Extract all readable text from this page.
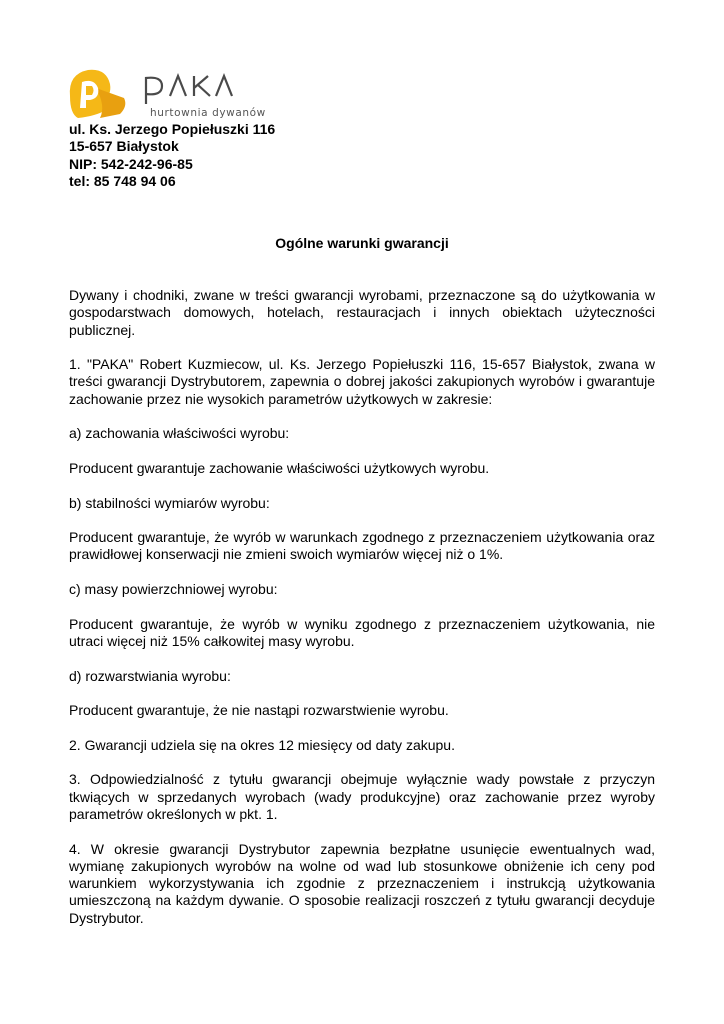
hurtownia dywanów
ul. Ks. Jerzego Popiełuszki 116
15-657 Białystok
NIP: 542-242-96-85
tel: 85 748 94 06
Ogólne warunki gwarancji

Dywany i chodniki, zwane w treści gwarancji wyrobami, przeznaczone są do użytkowania w gospodarstwach domowych, hotelach, restauracjach i innych obiektach użyteczności publicznej.

1. "PAKA" Robert Kuzmiecow, ul. Ks. Jerzego Popiełuszki 116, 15-657 Białystok, zwana w treści gwarancji Dystrybutorem, zapewnia o dobrej jakości zakupionych wyrobów i gwarantuje zachowanie przez nie wysokich parametrów użytkowych w zakresie:

a) zachowania właściwości wyrobu:

Producent gwarantuje zachowanie właściwości użytkowych wyrobu.

b) stabilności wymiarów wyrobu:

Producent gwarantuje, że wyrób w warunkach zgodnego z przeznaczeniem użytkowania oraz prawidłowej konserwacji nie zmieni swoich wymiarów więcej niż o 1%.

c) masy powierzchniowej wyrobu:

Producent gwarantuje, że wyrób w wyniku zgodnego z przeznaczeniem użytkowania, nie utraci więcej niż 15% całkowitej masy wyrobu.

d) rozwarstwiania wyrobu:

Producent gwarantuje, że nie nastąpi rozwarstwienie wyrobu.

2. Gwarancji udziela się na okres 12 miesięcy od daty zakupu.

3. Odpowiedzialność z tytułu gwarancji obejmuje wyłącznie wady powstałe z przyczyn tkwiących w sprzedanych wyrobach (wady produkcyjne) oraz zachowanie przez wyroby parametrów określonych w pkt. 1.

4. W okresie gwarancji Dystrybutor zapewnia bezpłatne usunięcie ewentualnych wad, wymianę zakupionych wyrobów na wolne od wad lub stosunkowe obniżenie ich ceny pod warunkiem wykorzystywania ich zgodnie z przeznaczeniem i instrukcją użytkowania umieszczoną na każdym dywanie. O sposobie realizacji roszczeń z tytułu gwarancji decyduje Dystrybutor.
